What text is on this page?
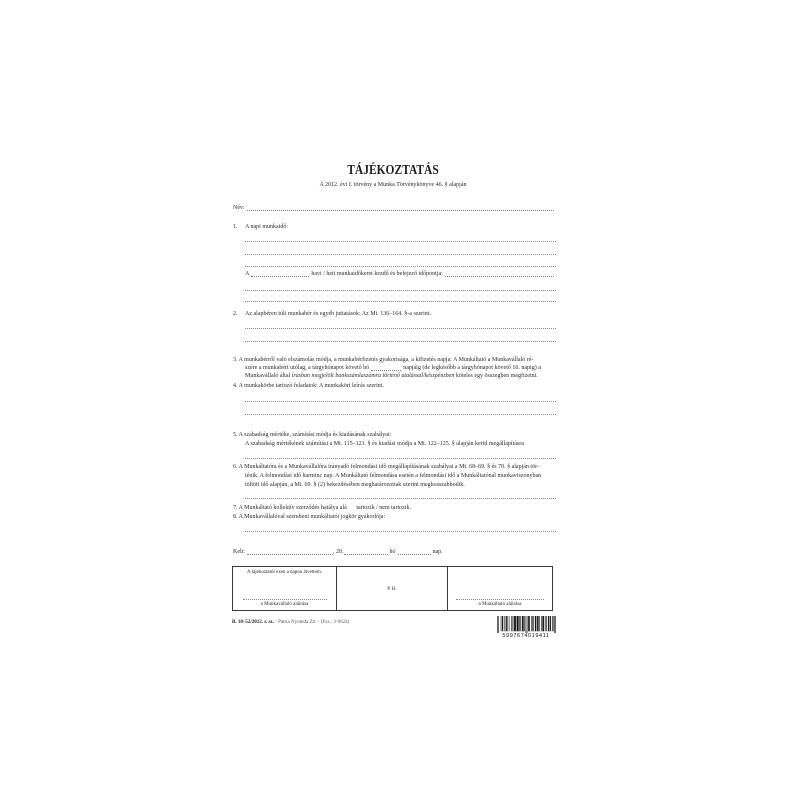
TÁJÉKOZTATÁS
A 2012. évi I. törvény a Munka Törvénykönyve 46. § alapján
Név:
1. A napi munkaidő:
A	havi / heti munkaidőkeret kezdő és befejező időpontja:
2. Az alapbéren túli munkabér és egyéb juttatások: Az Mt. 136–164. §-a szerint.
3. A munkabérről való elszámolás módja, a munkabérfizetés gyakorisága, a kifizetés napja: A Munkáltató a Munkavállaló ré-
szére a munkabért utólag, a tárgyhónapot követő hó	napjáig (de legkésőbb a tárgyhónapot követő 10. napig) a
Munkavállaló által írásban megjelölt bankszámlaszámra történő utalással/készpénzben köteles egy összegben megfizetni.
4. A munkakörbe tartozó feladatok: A munkaköri leírás szerint.
5. A szabadság mértéke, számítási módja és kiadásának szabályai:
A szabadság mértékének számítási a Mt. 115–121. § és kiadási módja a Mt. 122–125. § alapján kerül megállapításra
6. A Munkáltatóra és a Munkavállalóra irányadó felmondási idő megállapításának szabályai a Mt. 68–69. § és 70. § alapján tör-
ténik. A felmondási idő harminc nap. A Munkáltató felmondása esetén a felmondási idő a Munkáltatónál munkaviszonyban
töltött idő alapján, a Mt. 69. § (2) bekezdésében meghatározottak szerint meghosszabbodik.
7. A Munkáltató kollektív szerződés hatálya alá tartozik / nem tartozik.
8. A Munkavállalóval szembeni munkáltatói jogkör gyakorlója:
Kelt:	, 20.	hó	nap.
A tájékoztatót ezen a napon átvettem.
a Munkavállaló aláírása
P. H.
a Munkáltató aláírása
B. 18–52/2012. r. sz. - Pátria Nyomda Zrt. - (Fsz.: 3-9624)
5997674019411
